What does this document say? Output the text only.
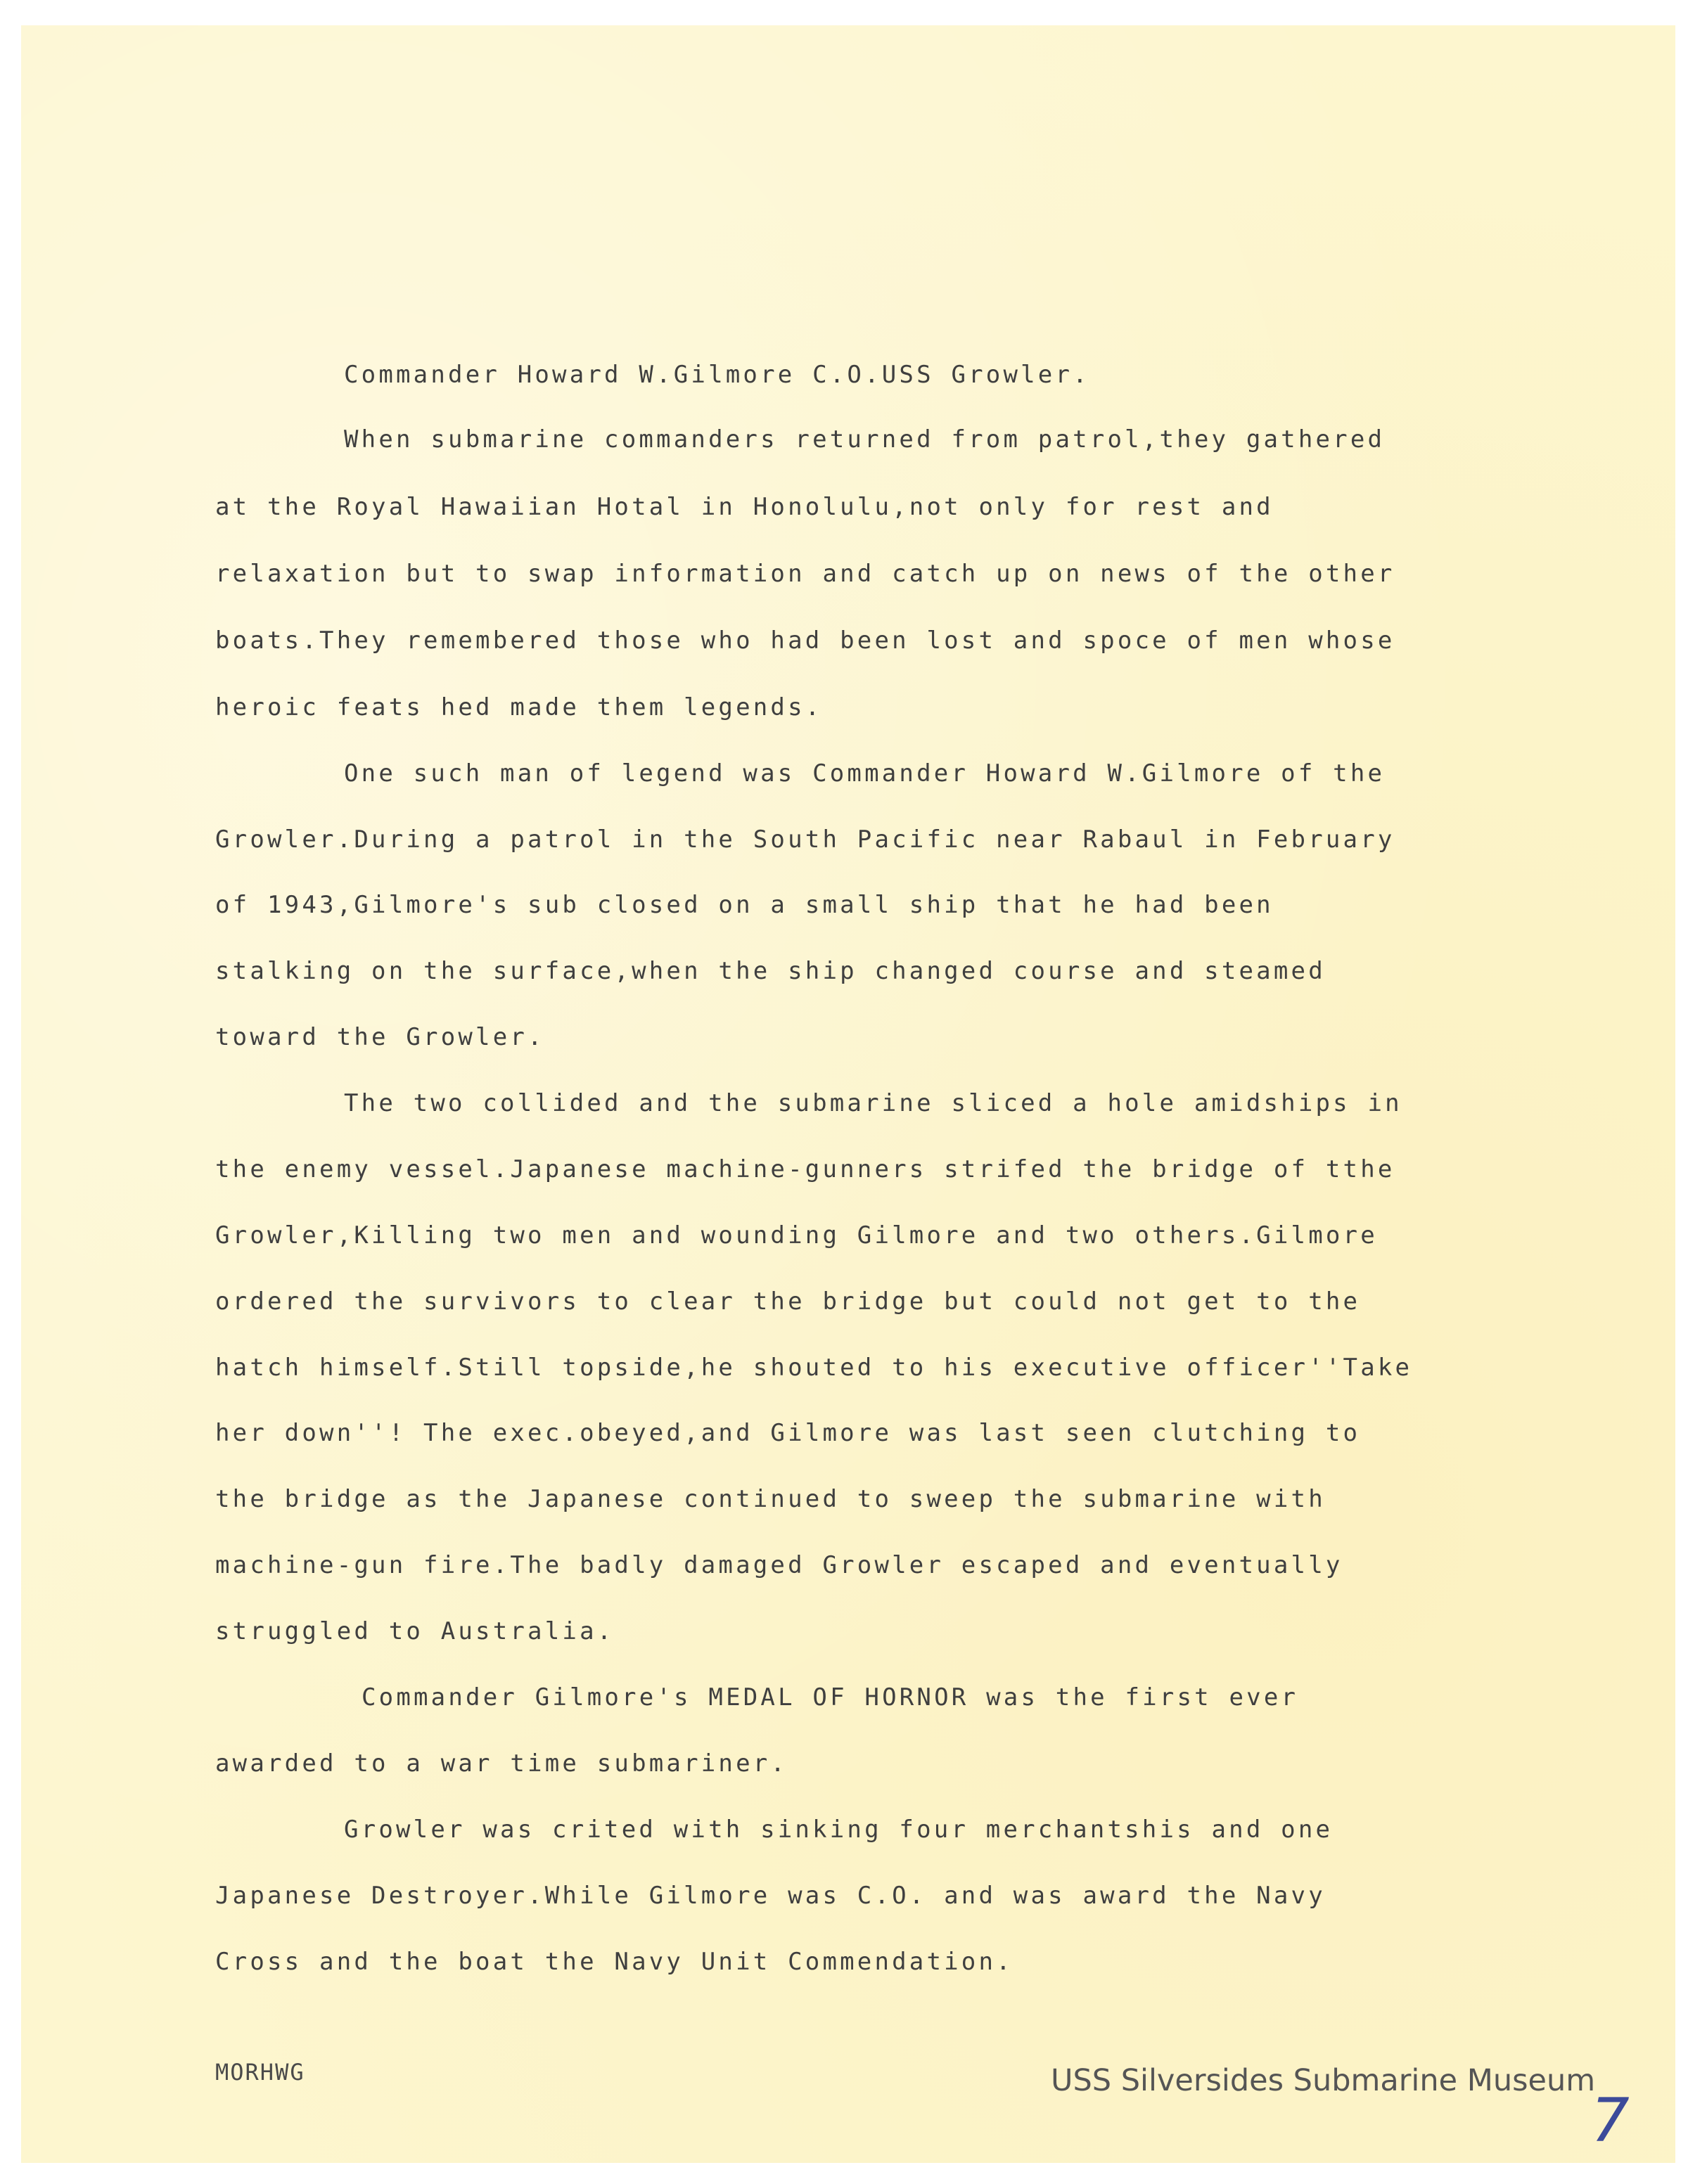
Commander Howard W.Gilmore C.O.USS Growler.
When submarine commanders returned from patrol,they gathered
at the Royal Hawaiian Hotal in Honolulu,not only for rest and
relaxation but to swap information and catch up on news of the other
boats.They remembered those who had been lost and spoce of men whose
heroic feats hed made them legends.
One such man of legend was Commander Howard W.Gilmore of the
Growler.During a patrol in the South Pacific near Rabaul in February
of 1943,Gilmore's sub closed on a small ship that he had been
stalking on the surface,when the ship changed course and steamed
toward the Growler.
The two collided and the submarine sliced a hole amidships in
the enemy vessel.Japanese machine-gunners strifed the bridge of tthe
Growler,Killing two men and wounding Gilmore and two others.Gilmore
ordered the survivors to clear the bridge but could not get to the
hatch himself.Still topside,he shouted to his executive officer''Take
her down''! The exec.obeyed,and Gilmore was last seen clutching to
the bridge as the Japanese continued to sweep the submarine with
machine-gun fire.The badly damaged Growler escaped and eventually
struggled to Australia.
Commander Gilmore's MEDAL OF HORNOR was the first ever
awarded to a war time submariner.
Growler was crited with sinking four merchantshis and one
Japanese Destroyer.While Gilmore was C.O. and was award the Navy
Cross and the boat the Navy Unit Commendation.
MORHWG	USS Silversides Submarine Museum
7
